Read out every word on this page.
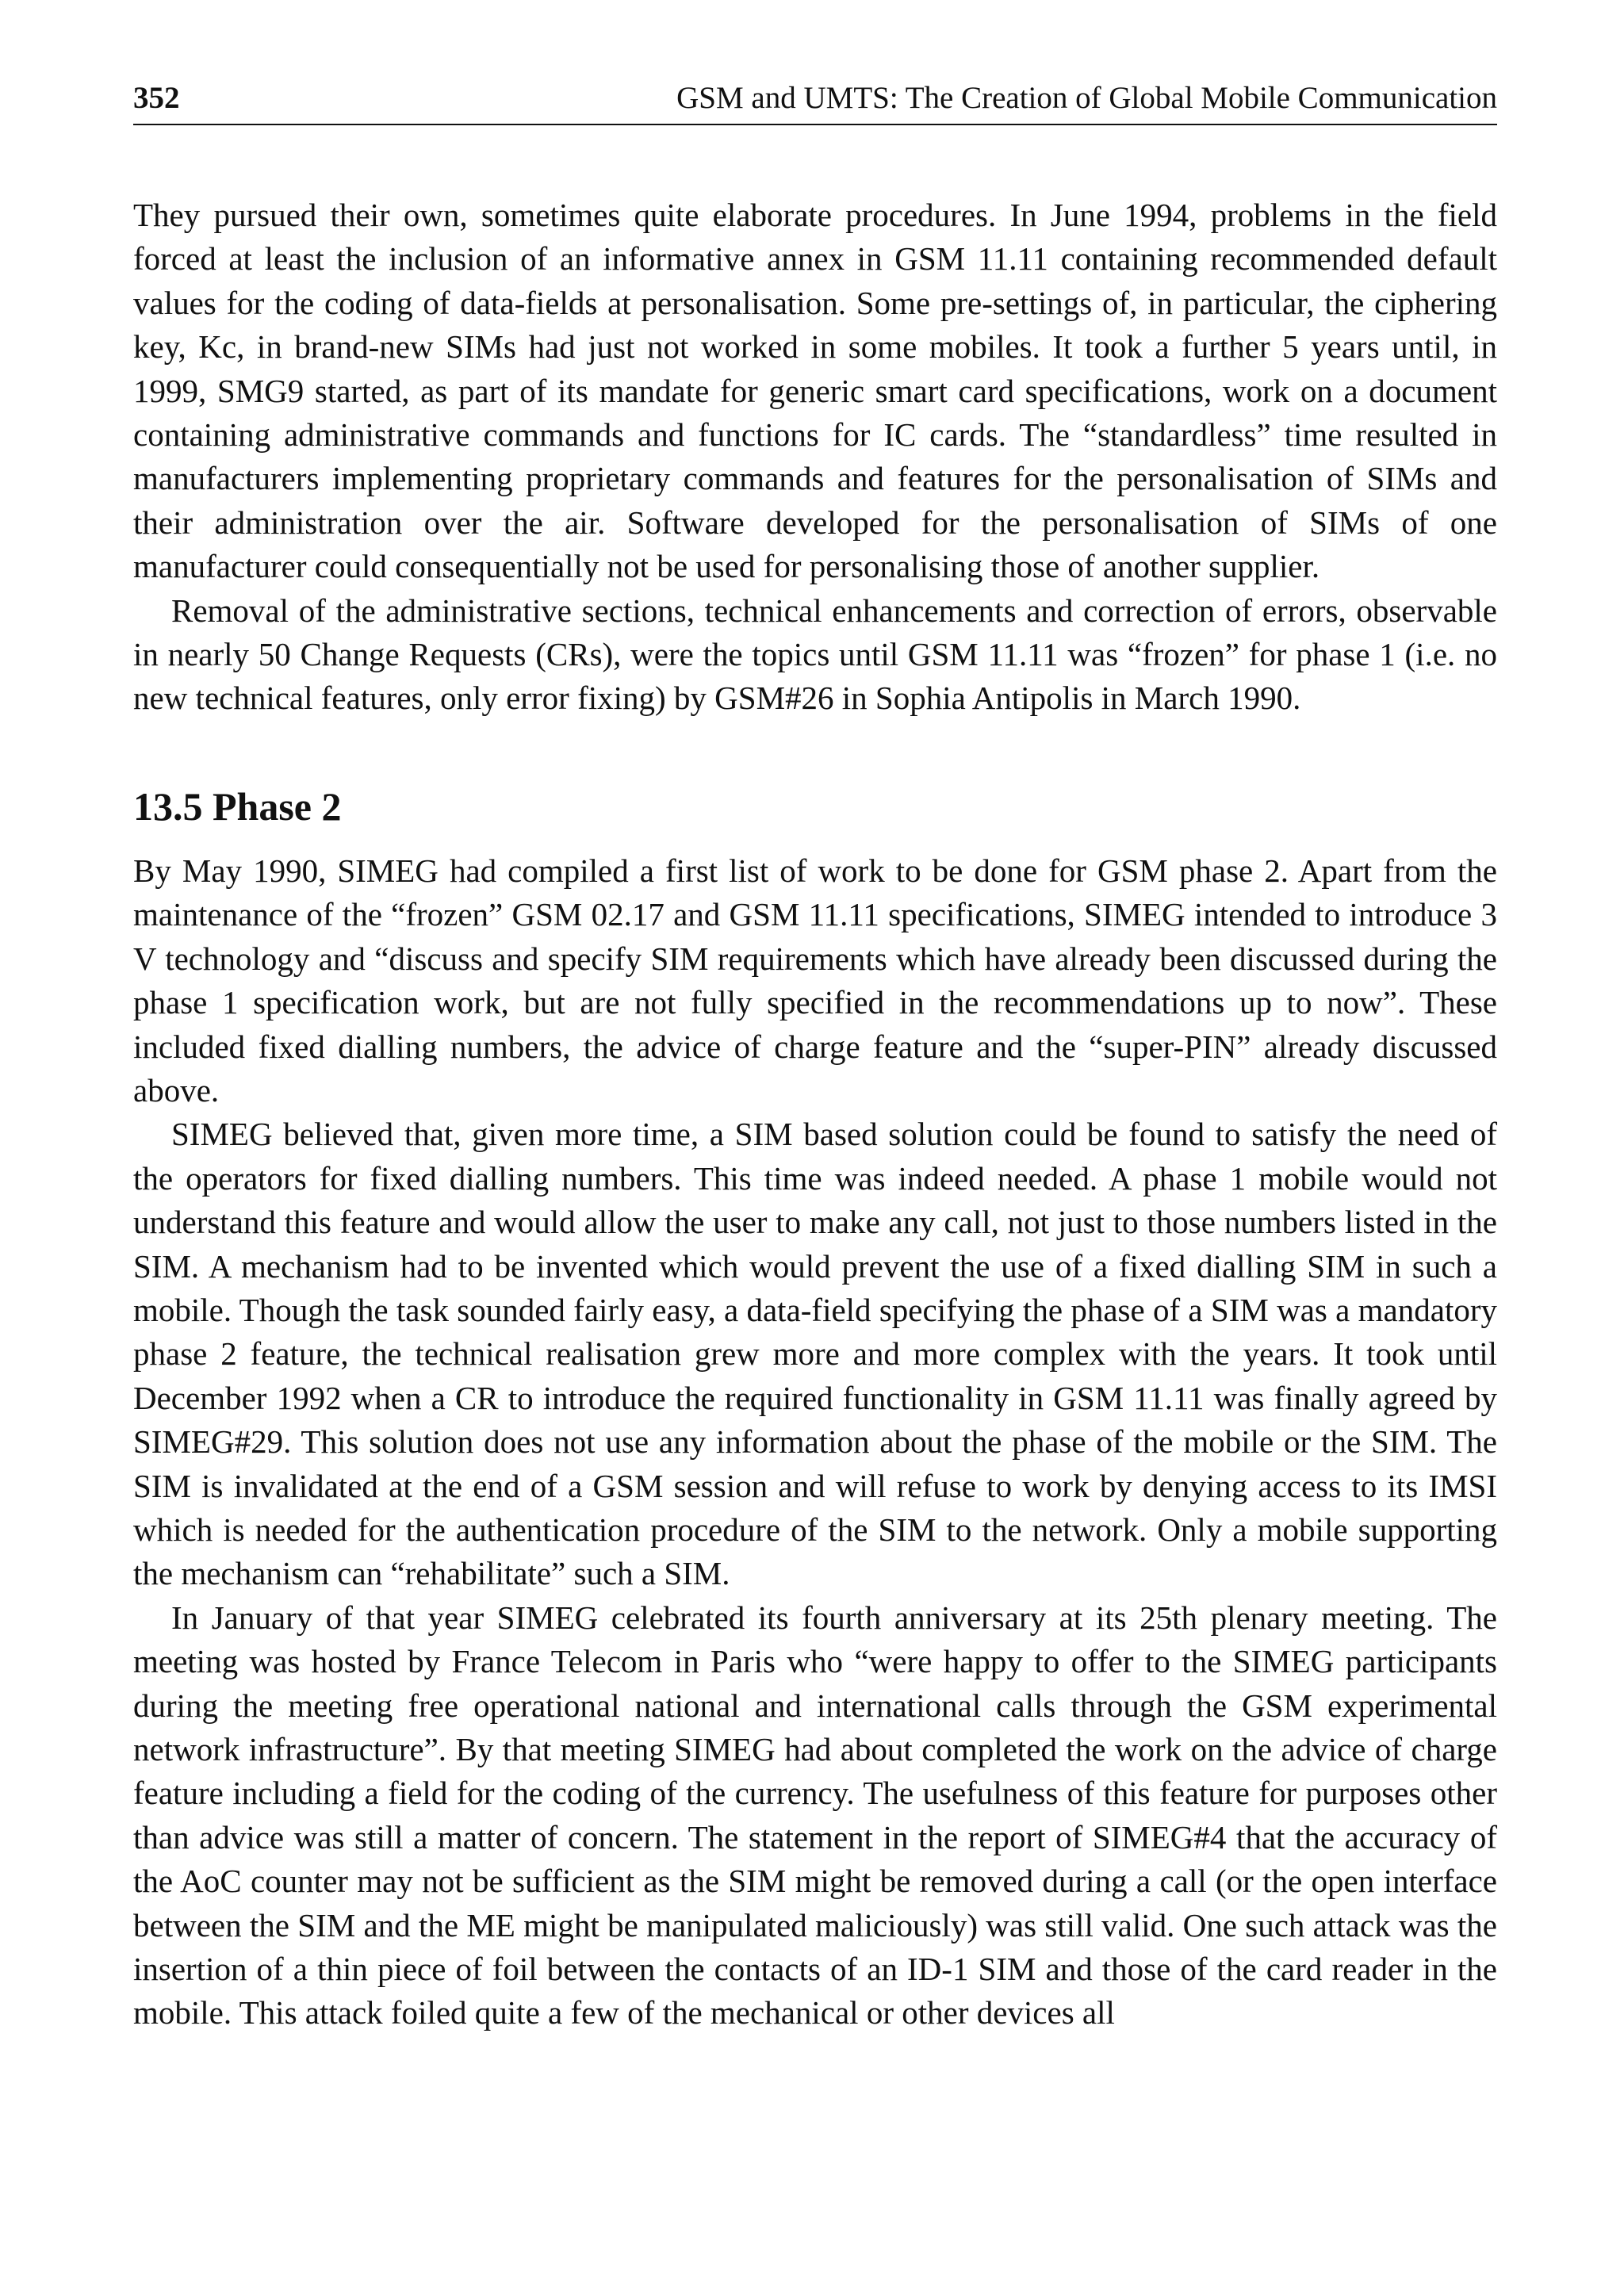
352	GSM and UMTS: The Creation of Global Mobile Communication

They pursued their own, sometimes quite elaborate procedures. In June 1994, problems in the field forced at least the inclusion of an informative annex in GSM 11.11 containing recommended default values for the coding of data-fields at personalisation. Some pre-settings of, in particular, the ciphering key, Kc, in brand-new SIMs had just not worked in some mobiles. It took a further 5 years until, in 1999, SMG9 started, as part of its mandate for generic smart card specifications, work on a document containing administrative commands and functions for IC cards. The “standardless” time resulted in manufacturers implementing proprietary commands and features for the personalisation of SIMs and their administration over the air. Software developed for the personalisation of SIMs of one manufacturer could consequentially not be used for personalising those of another supplier.

Removal of the administrative sections, technical enhancements and correction of errors, observable in nearly 50 Change Requests (CRs), were the topics until GSM 11.11 was “frozen” for phase 1 (i.e. no new technical features, only error fixing) by GSM#26 in Sophia Antipolis in March 1990.

13.5 Phase 2

By May 1990, SIMEG had compiled a first list of work to be done for GSM phase 2. Apart from the maintenance of the “frozen” GSM 02.17 and GSM 11.11 specifications, SIMEG intended to introduce 3 V technology and “discuss and specify SIM requirements which have already been discussed during the phase 1 specification work, but are not fully specified in the recommendations up to now”. These included fixed dialling numbers, the advice of charge feature and the “super-PIN” already discussed above.

SIMEG believed that, given more time, a SIM based solution could be found to satisfy the need of the operators for fixed dialling numbers. This time was indeed needed. A phase 1 mobile would not understand this feature and would allow the user to make any call, not just to those numbers listed in the SIM. A mechanism had to be invented which would prevent the use of a fixed dialling SIM in such a mobile. Though the task sounded fairly easy, a data-field specifying the phase of a SIM was a mandatory phase 2 feature, the technical realisation grew more and more complex with the years. It took until December 1992 when a CR to introduce the required functionality in GSM 11.11 was finally agreed by SIMEG#29. This solution does not use any information about the phase of the mobile or the SIM. The SIM is invalidated at the end of a GSM session and will refuse to work by denying access to its IMSI which is needed for the authentication procedure of the SIM to the network. Only a mobile supporting the mechanism can “rehabilitate” such a SIM.

In January of that year SIMEG celebrated its fourth anniversary at its 25th plenary meeting. The meeting was hosted by France Telecom in Paris who “were happy to offer to the SIMEG participants during the meeting free operational national and international calls through the GSM experimental network infrastructure”. By that meeting SIMEG had about completed the work on the advice of charge feature including a field for the coding of the currency. The usefulness of this feature for purposes other than advice was still a matter of concern. The statement in the report of SIMEG#4 that the accuracy of the AoC counter may not be sufficient as the SIM might be removed during a call (or the open interface between the SIM and the ME might be manipulated maliciously) was still valid. One such attack was the insertion of a thin piece of foil between the contacts of an ID-1 SIM and those of the card reader in the mobile. This attack foiled quite a few of the mechanical or other devices all
